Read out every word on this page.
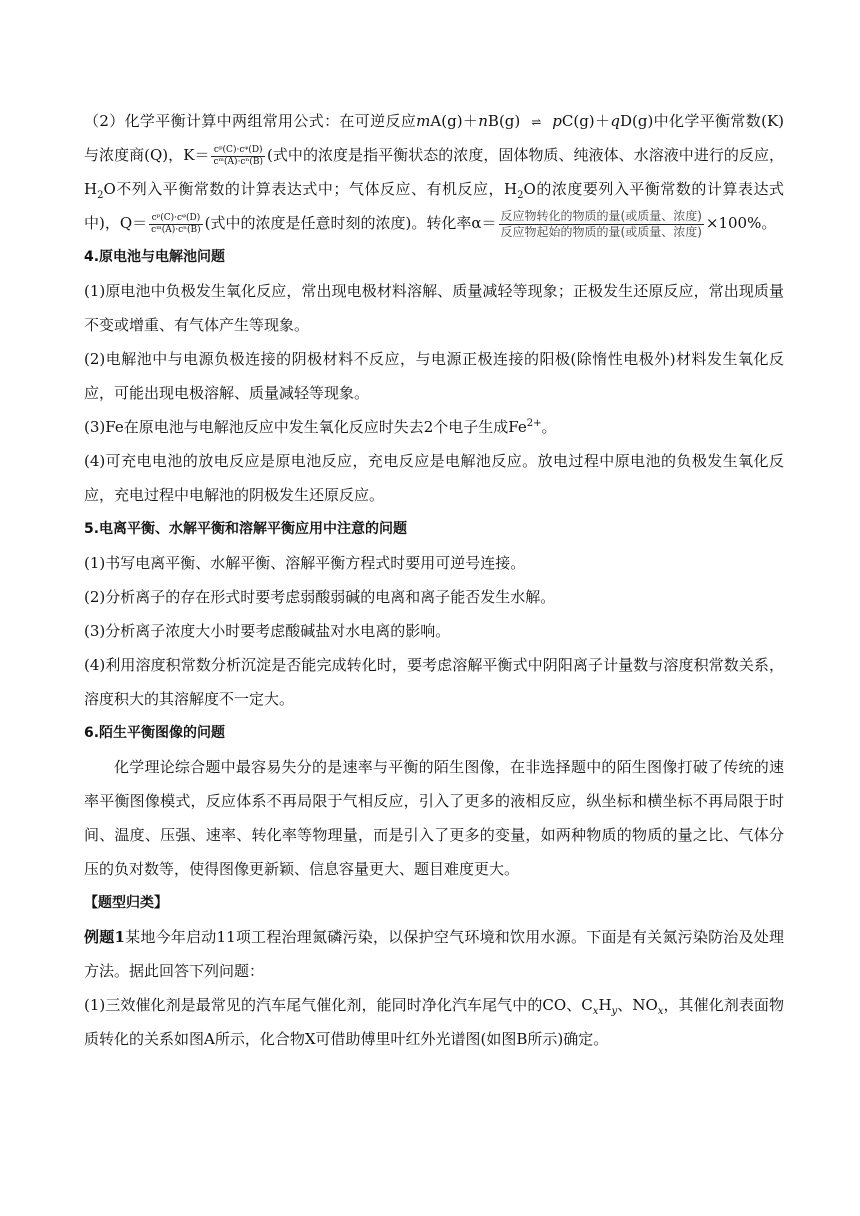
（2）化学平衡计算中两组常用公式：在可逆反应mA(g)＋nB(g) ⇌ pC(g)＋qD(g)中化学平衡常数(K)与浓度商(Q)，$K= \frac{\text{cᵖ(C)·cᵠ(D)}}{\text{cᵐ(A)·cⁿ(B)}}$ (式中的浓度是指平衡状态的浓度，固体物质、纯液体、水溶液中进行的反应，$H_2O$不列入平衡常数的计算表达式中；气体反应、有机反应，$H_2O$的浓度要列入平衡常数的计算表达式中)，$Q= \frac{\text{cᵖ(C)·cᵠ(D)}}{\text{cᵐ(A)·cⁿ(B)}}$ (式中的浓度是任意时刻的浓度)。转化率$\alpha= \frac{\text{反应物转化的物质的量(或质量、浓度)}}{\text{反应物起始的物质的量(或质量、浓度)}} \times 100\%$。

4.原电池与电解池问题

(1)原电池中负极发生氧化反应，常出现电极材料溶解、质量减轻等现象；正极发生还原反应，常出现质量不变或增重、有气体产生等现象。

(2)电解池中与电源负极连接的阴极材料不反应，与电源正极连接的阳极(除惰性电极外)材料发生氧化反应，可能出现电极溶解、质量减轻等现象。

(3)Fe在原电池与电解池反应中发生氧化反应时失去2个电子生成$Fe^{2+}$。

(4)可充电电池的放电反应是原电池反应，充电反应是电解池反应。放电过程中原电池的负极发生氧化反应，充电过程中电解池的阴极发生还原反应。

5.电离平衡、水解平衡和溶解平衡应用中注意的问题

(1)书写电离平衡、水解平衡、溶解平衡方程式时要用可逆号连接。

(2)分析离子的存在形式时要考虑弱酸弱碱的电离和离子能否发生水解。

(3)分析离子浓度大小时要考虑酸碱盐对水电离的影响。

(4)利用溶度积常数分析沉淀是否能完成转化时，要考虑溶解平衡式中阴阳离子计量数与溶度积常数关系，溶度积大的其溶解度不一定大。

6.陌生平衡图像的问题

化学理论综合题中最容易失分的是速率与平衡的陌生图像，在非选择题中的陌生图像打破了传统的速率平衡图像模式，反应体系不再局限于气相反应，引入了更多的液相反应，纵坐标和横坐标不再局限于时间、温度、压强、速率、转化率等物理量，而是引入了更多的变量，如两种物质的物质的量之比、气体分压的负对数等，使得图像更新颖、信息容量更大、题目难度更大。

【题型归类】

例题1某地今年启动11项工程治理氮磷污染，以保护空气环境和饮用水源。下面是有关氮污染防治及处理方法。据此回答下列问题：

(1)三效催化剂是最常见的汽车尾气催化剂，能同时净化汽车尾气中的CO、$C_xH_y$、$NO_x$，其催化剂表面物质转化的关系如图A所示，化合物X可借助傅里叶红外光谱图(如图B所示)确定。
